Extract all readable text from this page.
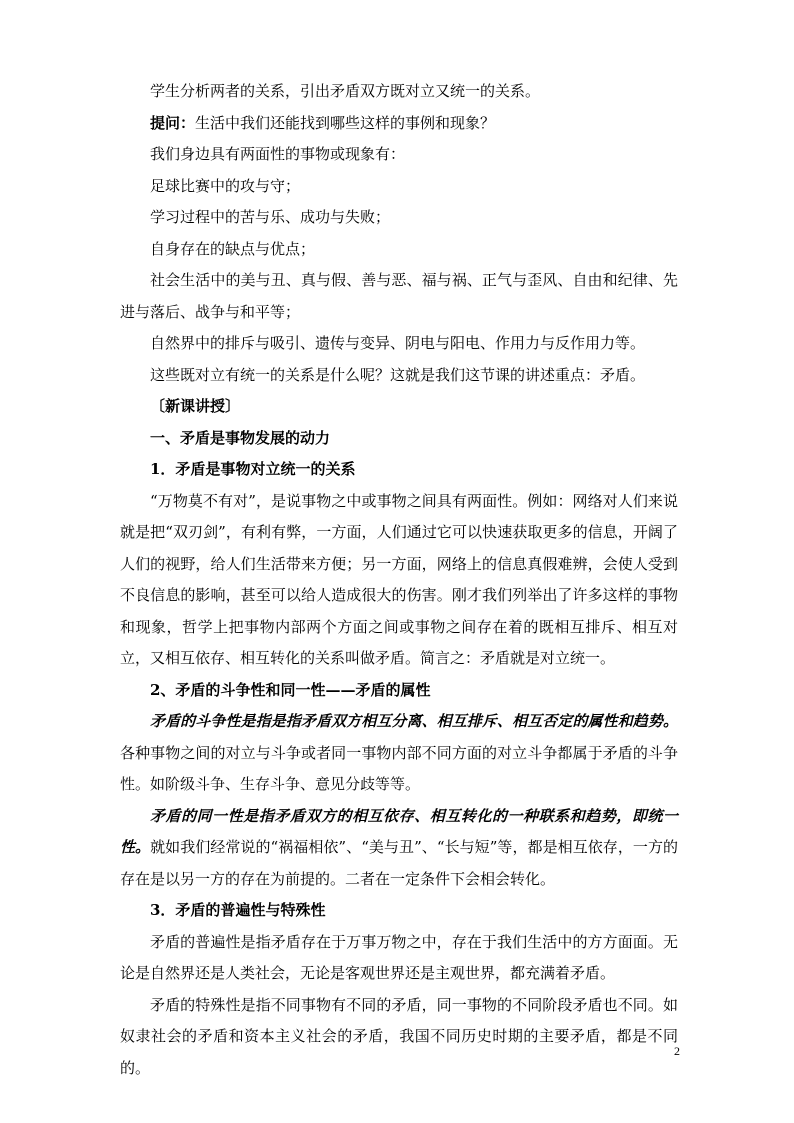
学生分析两者的关系，引出矛盾双方既对立又统一的关系。

提问：生活中我们还能找到哪些这样的事例和现象？

我们身边具有两面性的事物或现象有：

足球比赛中的攻与守；

学习过程中的苦与乐、成功与失败；

自身存在的缺点与优点；

社会生活中的美与丑、真与假、善与恶、福与祸、正气与歪风、自由和纪律、先进与落后、战争与和平等；

自然界中的排斥与吸引、遗传与变异、阴电与阳电、作用力与反作用力等。

这些既对立有统一的关系是什么呢？这就是我们这节课的讲述重点：矛盾。

〔新课讲授〕

一、矛盾是事物发展的动力

1．矛盾是事物对立统一的关系

“万物莫不有对”，是说事物之中或事物之间具有两面性。例如：网络对人们来说就是把“双刃剑”，有利有弊，一方面，人们通过它可以快速获取更多的信息，开阔了人们的视野，给人们生活带来方便；另一方面，网络上的信息真假难辨，会使人受到不良信息的影响，甚至可以给人造成很大的伤害。刚才我们列举出了许多这样的事物和现象，哲学上把事物内部两个方面之间或事物之间存在着的既相互排斥、相互对立，又相互依存、相互转化的关系叫做矛盾。简言之：矛盾就是对立统一。

2、矛盾的斗争性和同一性——矛盾的属性

矛盾的斗争性是指是指矛盾双方相互分离、相互排斥、相互否定的属性和趋势。各种事物之间的对立与斗争或者同一事物内部不同方面的对立斗争都属于矛盾的斗争性。如阶级斗争、生存斗争、意见分歧等等。

矛盾的同一性是指矛盾双方的相互依存、相互转化的一种联系和趋势，即统一性。就如我们经常说的“祸福相依”、“美与丑”、“长与短”等，都是相互依存，一方的存在是以另一方的存在为前提的。二者在一定条件下会相会转化。

3．矛盾的普遍性与特殊性

矛盾的普遍性是指矛盾存在于万事万物之中，存在于我们生活中的方方面面。无论是自然界还是人类社会，无论是客观世界还是主观世界，都充满着矛盾。

矛盾的特殊性是指不同事物有不同的矛盾，同一事物的不同阶段矛盾也不同。如奴隶社会的矛盾和资本主义社会的矛盾，我国不同历史时期的主要矛盾，都是不同的。

2
